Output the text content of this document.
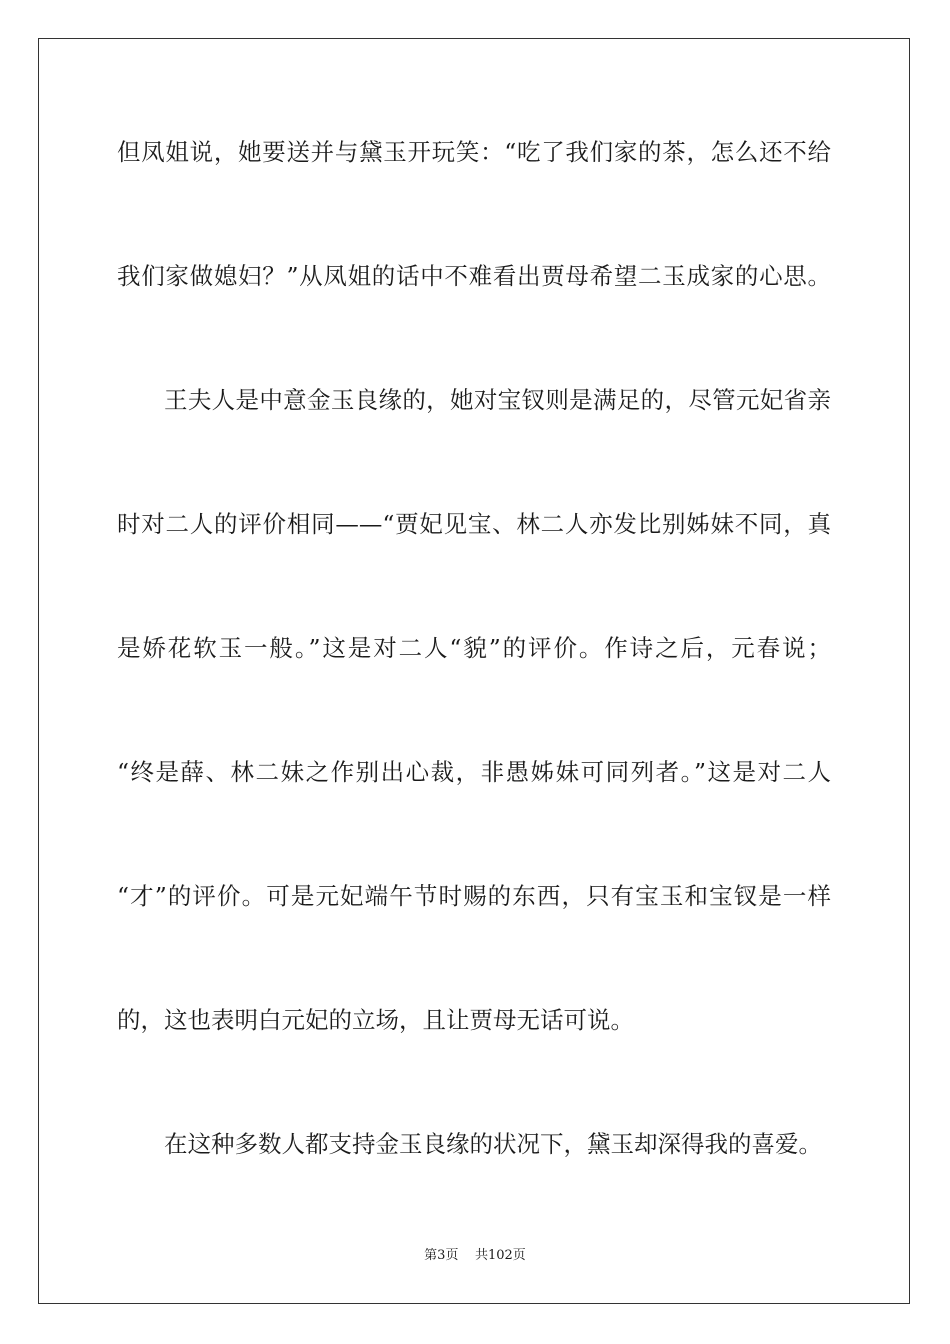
但凤姐说，她要送并与黛玉开玩笑：“吃了我们家的茶，怎么还不给
我们家做媳妇？”从凤姐的话中不难看出贾母希望二玉成家的心思。
王夫人是中意金玉良缘的，她对宝钗则是满足的，尽管元妃省亲
时对二人的评价相同——“贾妃见宝、林二人亦发比别姊妹不同，真
是娇花软玉一般。”这是对二人“貌”的评价。作诗之后，元春说；
“终是薛、林二妹之作别出心裁，非愚姊妹可同列者。”这是对二人
“才”的评价。可是元妃端午节时赐的东西，只有宝玉和宝钗是一样
的，这也表明白元妃的立场，且让贾母无话可说。
在这种多数人都支持金玉良缘的状况下，黛玉却深得我的喜爱。
第3页 共102页
